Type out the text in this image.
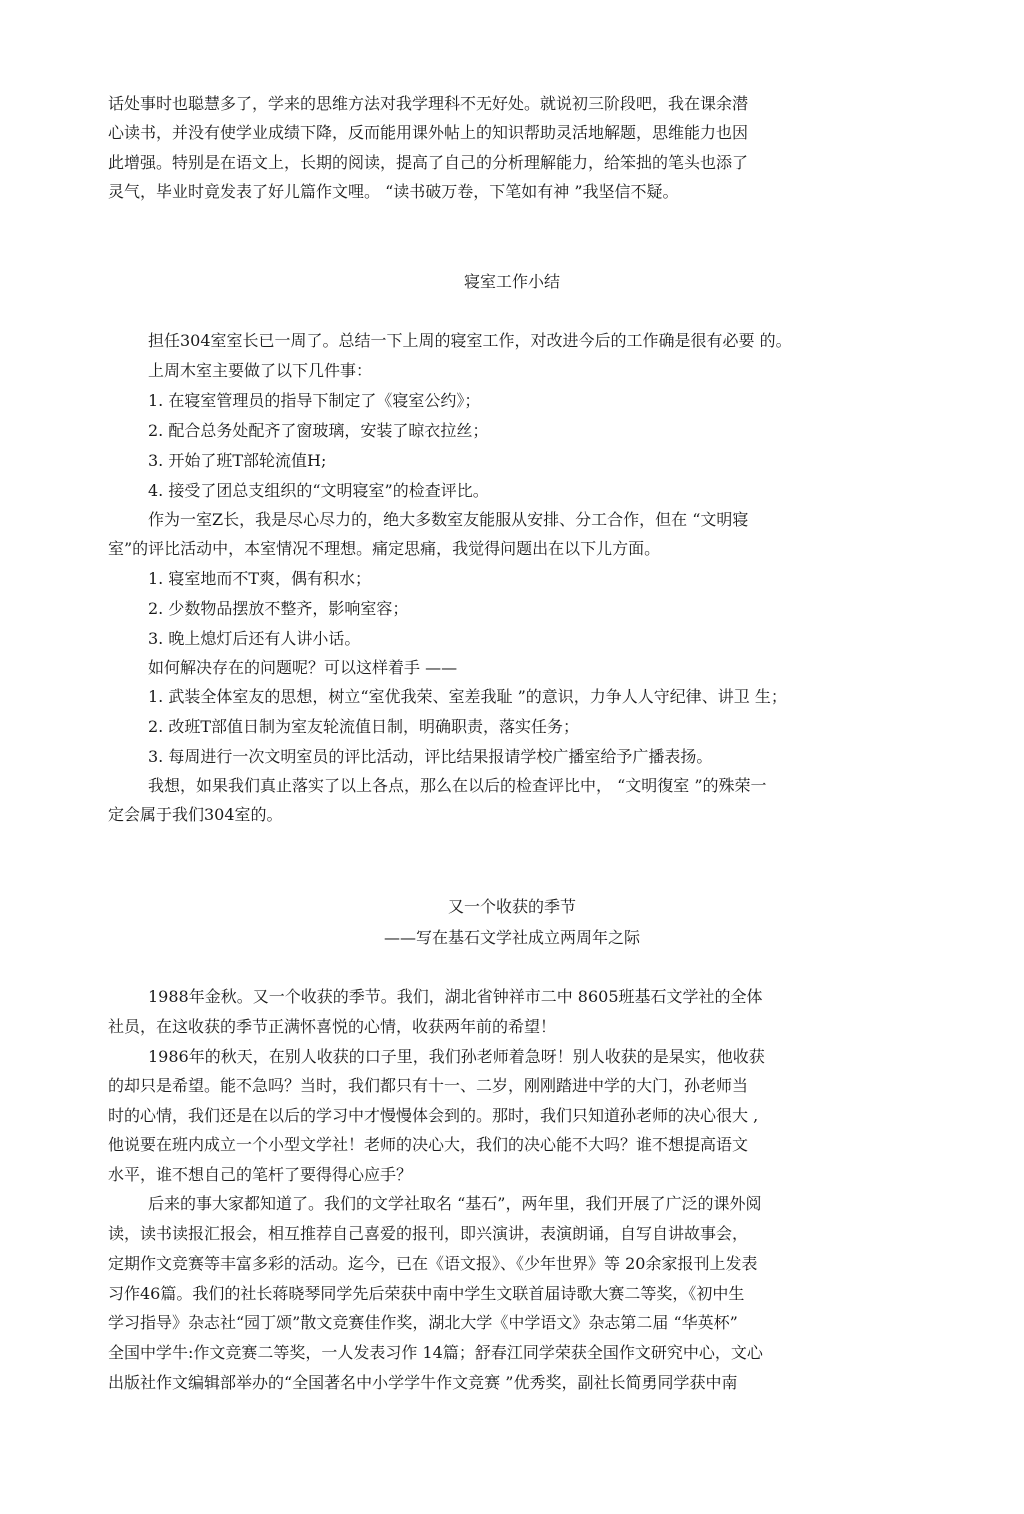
话处事时也聪慧多了，学来的思维方法对我学理科不无好处。就说初三阶段吧，我在课余潜
心读书，并没有使学业成绩下降，反而能用课外帖上的知识帮助灵活地解题，思维能力也因
此增强。特别是在语文上，长期的阅读，提高了自己的分析理解能力，给笨拙的笔头也添了
灵气，毕业时竟发表了好儿篇作文哩。 “读书破万卷，下笔如有神 ”我坚信不疑。
寝室工作小结
担任304室室长已一周了。总结一下上周的寝室工作，对改进今后的工作确是很有必要 的。
上周木室主要做了以下几件事：
1. 在寝室管理员的指导下制定了《寝室公约》；
2. 配合总务处配齐了窗玻璃，安装了晾衣拉丝；
3. 开始了班T部轮流值H;
4. 接受了团总支组织的“文明寝室”的检查评比。
作为一室Z长，我是尽心尽力的，绝大多数室友能服从安排、分工合作，但在 “文明寝
室”的评比活动中，本室情况不理想。痛定思痛，我觉得问题出在以下儿方面。
1. 寝室地而不T爽，偶有积水；
2. 少数物品摆放不整齐，影响室容；
3. 晚上熄灯后还有人讲小话。
如何解决存在的问题呢？可以这样着手 ——
1. 武装全体室友的思想，树立“室优我荣、室差我耻 ”的意识，力争人人守纪律、讲卫 生；
2. 改班T部值日制为室友轮流值日制，明确职责，落实任务；
3. 每周进行一次文明室员的评比活动，评比结果报请学校广播室给予广播表扬。
我想，如果我们真止落实了以上各点，那么在以后的检查评比中， “文明復室 ”的殊荣一
定会属于我们304室的。
又一个收获的季节
——写在基石文学社成立两周年之际
1988年金秋。又一个收获的季节。我们，湖北省钟祥市二中 8605班基石文学社的全体
社员，在这收获的季节正满怀喜悦的心情，收获两年前的希望！
1986年的秋天，在别人收获的口子里，我们孙老师着急呀！别人收获的是杲实，他收获
的却只是希望。能不急吗？当时，我们都只有十一、二岁，刚刚踏进中学的大门，孙老师当
时的心情，我们还是在以后的学习中才慢慢体会到的。那时，我们只知道孙老师的决心很大 ,
他说要在班内成立一个小型文学社！老师的决心大，我们的决心能不大吗？谁不想提高语文
水平，谁不想自己的笔杆了要得得心应手？
后来的事大家都知道了。我们的文学社取名 “基石”，两年里，我们开展了广泛的课外阅
读，读书读报汇报会，相互推荐自己喜爱的报刊，即兴演讲，表演朗诵，自写自讲故事会，
定期作文竞赛等丰富多彩的活动。迄今，已在《语文报》、《少年世界》等 20余家报刊上发表
习作46篇。我们的社长蒋晓琴同学先后荣获中南中学生文联首届诗歌大赛二等奖，《初中生
学习指导》杂志社“园丁颂”散文竞赛佳作奖，湖北大学《中学语文》杂志第二届 “华英杯”
全国中学牛:作文竞赛二等奖，一人发表习作 14篇；舒春江同学荣获全国作文研究中心，文心
出版社作文编辑部举办的“全国著名中小学学牛作文竞赛 ”优秀奖，副社长简勇同学获中南
